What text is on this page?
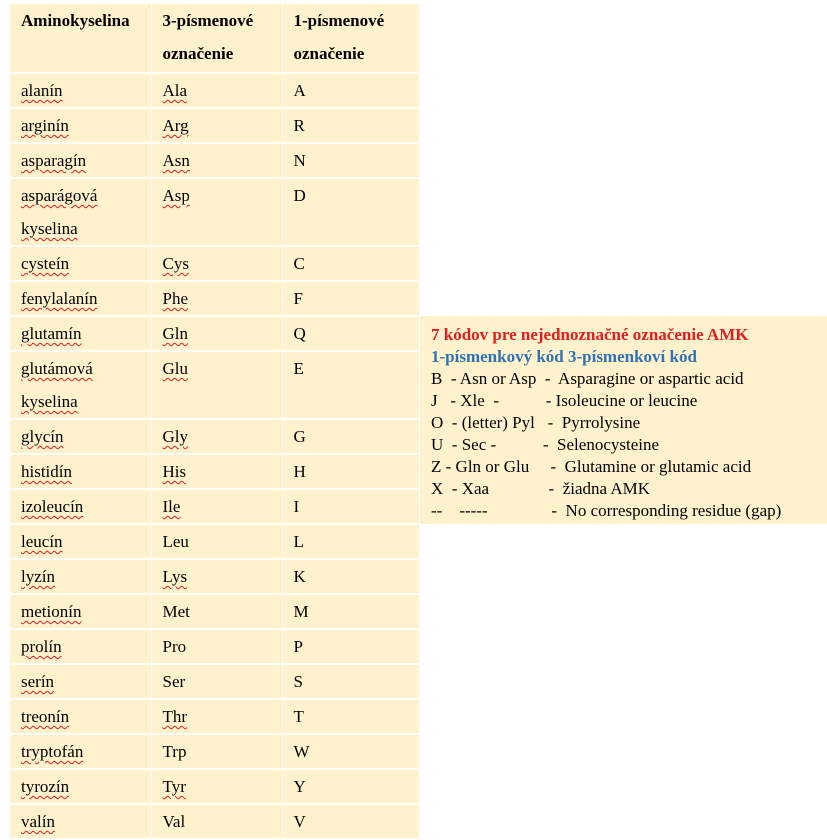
Aminokyselina	3-písmenové označenie	1-písmenové označenie
alanín	Ala	A
arginín	Arg	R
asparagín	Asn	N
asparágová kyselina	Asp	D
cysteín	Cys	C
fenylalanín	Phe	F
glutamín	Gln	Q
glutámová kyselina	Glu	E
glycín	Gly	G
histidín	His	H
izoleucín	Ile	I
leucín	Leu	L
lyzín	Lys	K
metionín	Met	M
prolín	Pro	P
serín	Ser	S
treonín	Thr	T
tryptofán	Trp	W
tyrozín	Tyr	Y
valín	Val	V
7 kódov pre nejednoznačné označenie AMK
1-písmenkový kód 3-písmenkoví kód
B  - Asn or Asp  -  Asparagine or aspartic acid
J   - Xle  -           - Isoleucine or leucine
O  - (letter) Pyl   -  Pyrrolysine
U  - Sec -           -  Selenocysteine
Z - Gln or Glu     -  Glutamine or glutamic acid
X  - Xaa              -  žiadna AMK
--    -----               -  No corresponding residue (gap)
